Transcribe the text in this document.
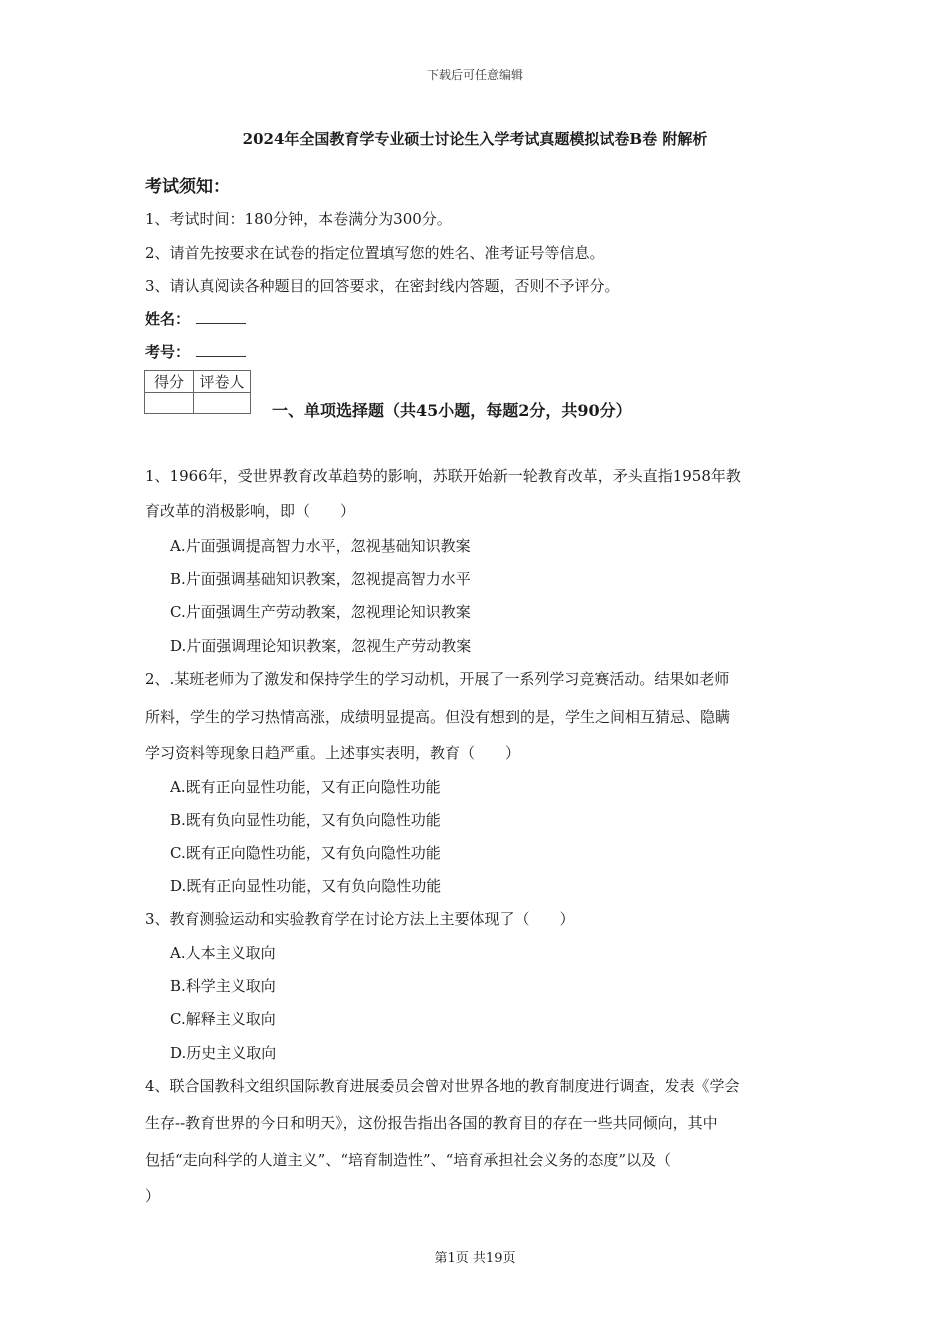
下载后可任意编辑
2024年全国教育学专业硕士讨论生入学考试真题模拟试卷B卷 附解析
考试须知：
1、考试时间：180分钟，本卷满分为300分。
2、请首先按要求在试卷的指定位置填写您的姓名、准考证号等信息。
3、请认真阅读各种题目的回答要求，在密封线内答题，否则不予评分。
姓名：
考号：
得分	评卷人

一、单项选择题（共45小题，每题2分，共90分）
1、1966年，受世界教育改革趋势的影响，苏联开始新一轮教育改革，矛头直指1958年教
育改革的消极影响，即（　　）
A.片面强调提高智力水平，忽视基础知识教案
B.片面强调基础知识教案，忽视提高智力水平
C.片面强调生产劳动教案，忽视理论知识教案
D.片面强调理论知识教案，忽视生产劳动教案
2、.某班老师为了激发和保持学生的学习动机，开展了一系列学习竞赛活动。结果如老师
所料，学生的学习热情高涨，成绩明显提高。但没有想到的是，学生之间相互猜忌、隐瞒
学习资料等现象日趋严重。上述事实表明，教育（　　）
A.既有正向显性功能，又有正向隐性功能
B.既有负向显性功能，又有负向隐性功能
C.既有正向隐性功能，又有负向隐性功能
D.既有正向显性功能，又有负向隐性功能
3、教育测验运动和实验教育学在讨论方法上主要体现了（　　）
A.人本主义取向
B.科学主义取向
C.解释主义取向
D.历史主义取向
4、联合国教科文组织国际教育进展委员会曾对世界各地的教育制度进行调查，发表《学会
生存--教育世界的今日和明天》，这份报告指出各国的教育目的存在一些共同倾向，其中
包括“走向科学的人道主义”、“培育制造性”、“培育承担社会义务的态度”以及（
）
第1页 共19页
